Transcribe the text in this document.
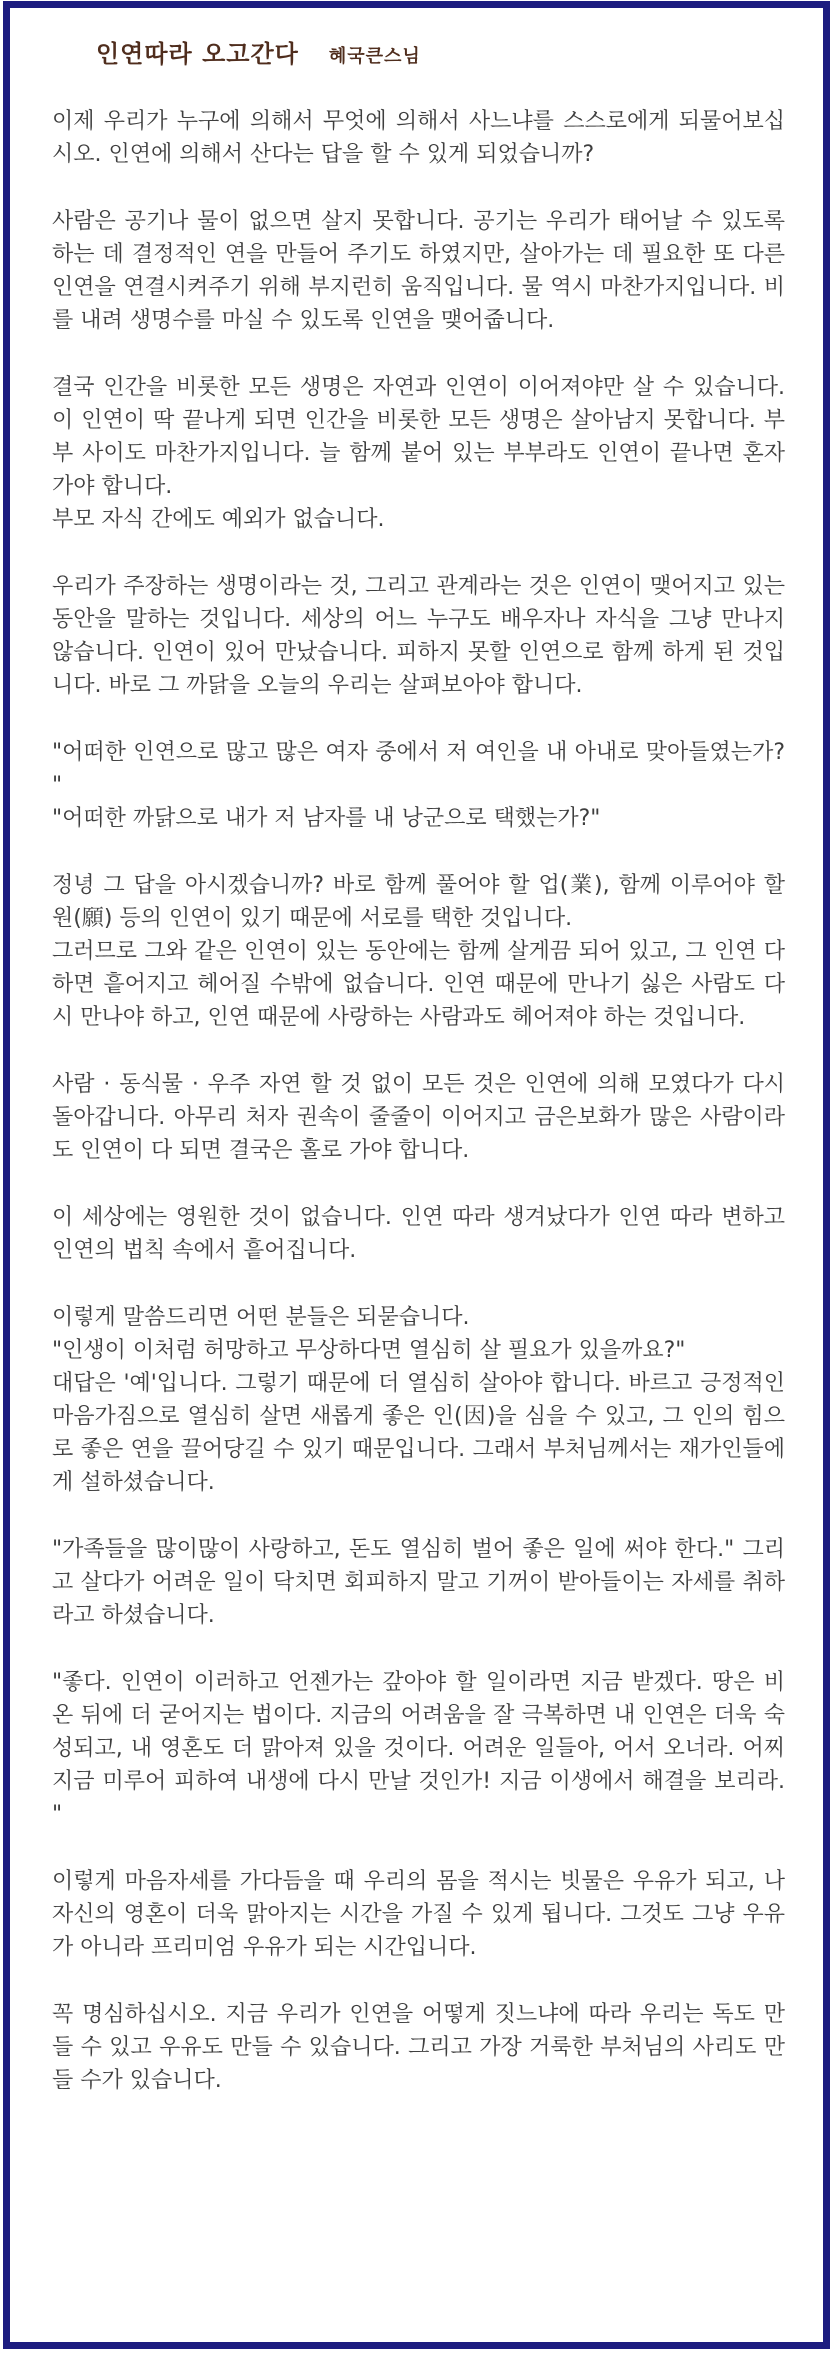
인연따라 오고간다 혜국큰스님
이제 우리가 누구에 의해서 무엇에 의해서 사느냐를 스스로에게 되물어보십시오. 인연에 의해서 산다는 답을 할 수 있게 되었습니까?
사람은 공기나 물이 없으면 살지 못합니다. 공기는 우리가 태어날 수 있도록 하는 데 결정적인 연을 만들어 주기도 하였지만, 살아가는 데 필요한 또 다른 인연을 연결시켜주기 위해 부지런히 움직입니다. 물 역시 마찬가지입니다. 비를 내려 생명수를 마실 수 있도록 인연을 맺어줍니다.
결국 인간을 비롯한 모든 생명은 자연과 인연이 이어져야만 살 수 있습니다. 이 인연이 딱 끝나게 되면 인간을 비롯한 모든 생명은 살아남지 못합니다. 부부 사이도 마찬가지입니다. 늘 함께 붙어 있는 부부라도 인연이 끝나면 혼자 가야 합니다.
부모 자식 간에도 예외가 없습니다.
우리가 주장하는 생명이라는 것, 그리고 관계라는 것은 인연이 맺어지고 있는 동안을 말하는 것입니다. 세상의 어느 누구도 배우자나 자식을 그냥 만나지 않습니다. 인연이 있어 만났습니다. 피하지 못할 인연으로 함께 하게 된 것입니다. 바로 그 까닭을 오늘의 우리는 살펴보아야 합니다.
"어떠한 인연으로 많고 많은 여자 중에서 저 여인을 내 아내로 맞아들였는가?"
"어떠한 까닭으로 내가 저 남자를 내 낭군으로 택했는가?"
정녕 그 답을 아시겠습니까? 바로 함께 풀어야 할 업(業), 함께 이루어야 할 원(願) 등의 인연이 있기 때문에 서로를 택한 것입니다.
그러므로 그와 같은 인연이 있는 동안에는 함께 살게끔 되어 있고, 그 인연 다하면 흩어지고 헤어질 수밖에 없습니다. 인연 때문에 만나기 싫은 사람도 다시 만나야 하고, 인연 때문에 사랑하는 사람과도 헤어져야 하는 것입니다.
사람 · 동식물 · 우주 자연 할 것 없이 모든 것은 인연에 의해 모였다가 다시 돌아갑니다. 아무리 처자 권속이 줄줄이 이어지고 금은보화가 많은 사람이라도 인연이 다 되면 결국은 홀로 가야 합니다.
이 세상에는 영원한 것이 없습니다. 인연 따라 생겨났다가 인연 따라 변하고 인연의 법칙 속에서 흩어집니다.
이렇게 말씀드리면 어떤 분들은 되묻습니다.
"인생이 이처럼 허망하고 무상하다면 열심히 살 필요가 있을까요?"
대답은 '예'입니다. 그렇기 때문에 더 열심히 살아야 합니다. 바르고 긍정적인 마음가짐으로 열심히 살면 새롭게 좋은 인(因)을 심을 수 있고, 그 인의 힘으로 좋은 연을 끌어당길 수 있기 때문입니다. 그래서 부처님께서는 재가인들에게 설하셨습니다.
"가족들을 많이많이 사랑하고, 돈도 열심히 벌어 좋은 일에 써야 한다." 그리고 살다가 어려운 일이 닥치면 회피하지 말고 기꺼이 받아들이는 자세를 취하라고 하셨습니다.
"좋다. 인연이 이러하고 언젠가는 갚아야 할 일이라면 지금 받겠다. 땅은 비 온 뒤에 더 굳어지는 법이다. 지금의 어려움을 잘 극복하면 내 인연은 더욱 숙성되고, 내 영혼도 더 맑아져 있을 것이다. 어려운 일들아, 어서 오너라. 어찌 지금 미루어 피하여 내생에 다시 만날 것인가! 지금 이생에서 해결을 보리라."
이렇게 마음자세를 가다듬을 때 우리의 몸을 적시는 빗물은 우유가 되고, 나 자신의 영혼이 더욱 맑아지는 시간을 가질 수 있게 됩니다. 그것도 그냥 우유가 아니라 프리미엄 우유가 되는 시간입니다.
꼭 명심하십시오. 지금 우리가 인연을 어떻게 짓느냐에 따라 우리는 독도 만들 수 있고 우유도 만들 수 있습니다. 그리고 가장 거룩한 부처님의 사리도 만들 수가 있습니다.
